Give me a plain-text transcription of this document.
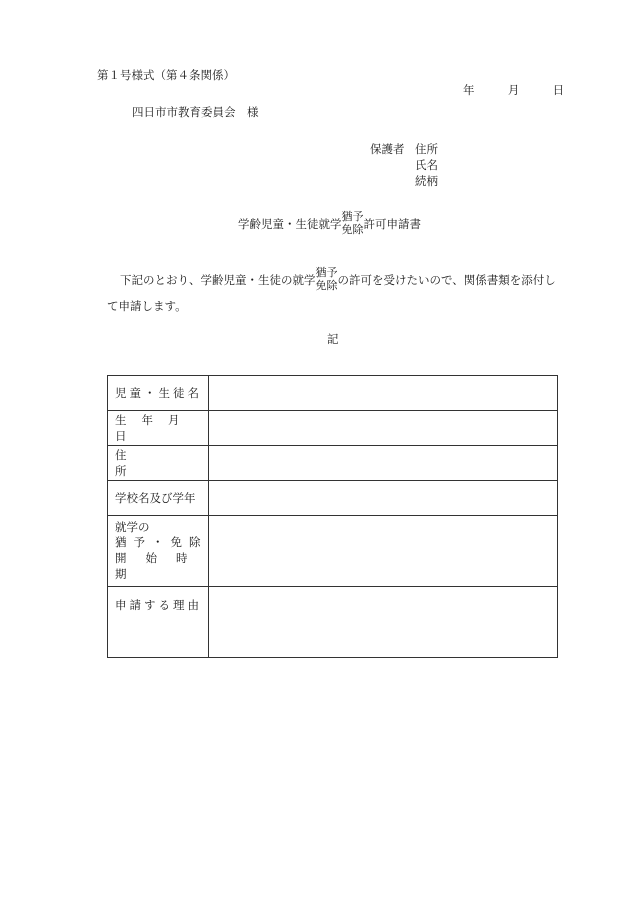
第１号様式（第４条関係）
年	月	日
四日市市教育委員会　様
保護者 住所
氏名
続柄
学齢児童・生徒就学
猶予
免除 許可申請書
下記のとおり、学齢児童・生徒の就学
猶予
免除 の許可を受けたいので、関係書類を添付し
て申請します。
記
児童・生徒名	
生年月日	
住所	
学校名及び学年	

就学の
猶予・免除
開始時期	

申請する理由	
